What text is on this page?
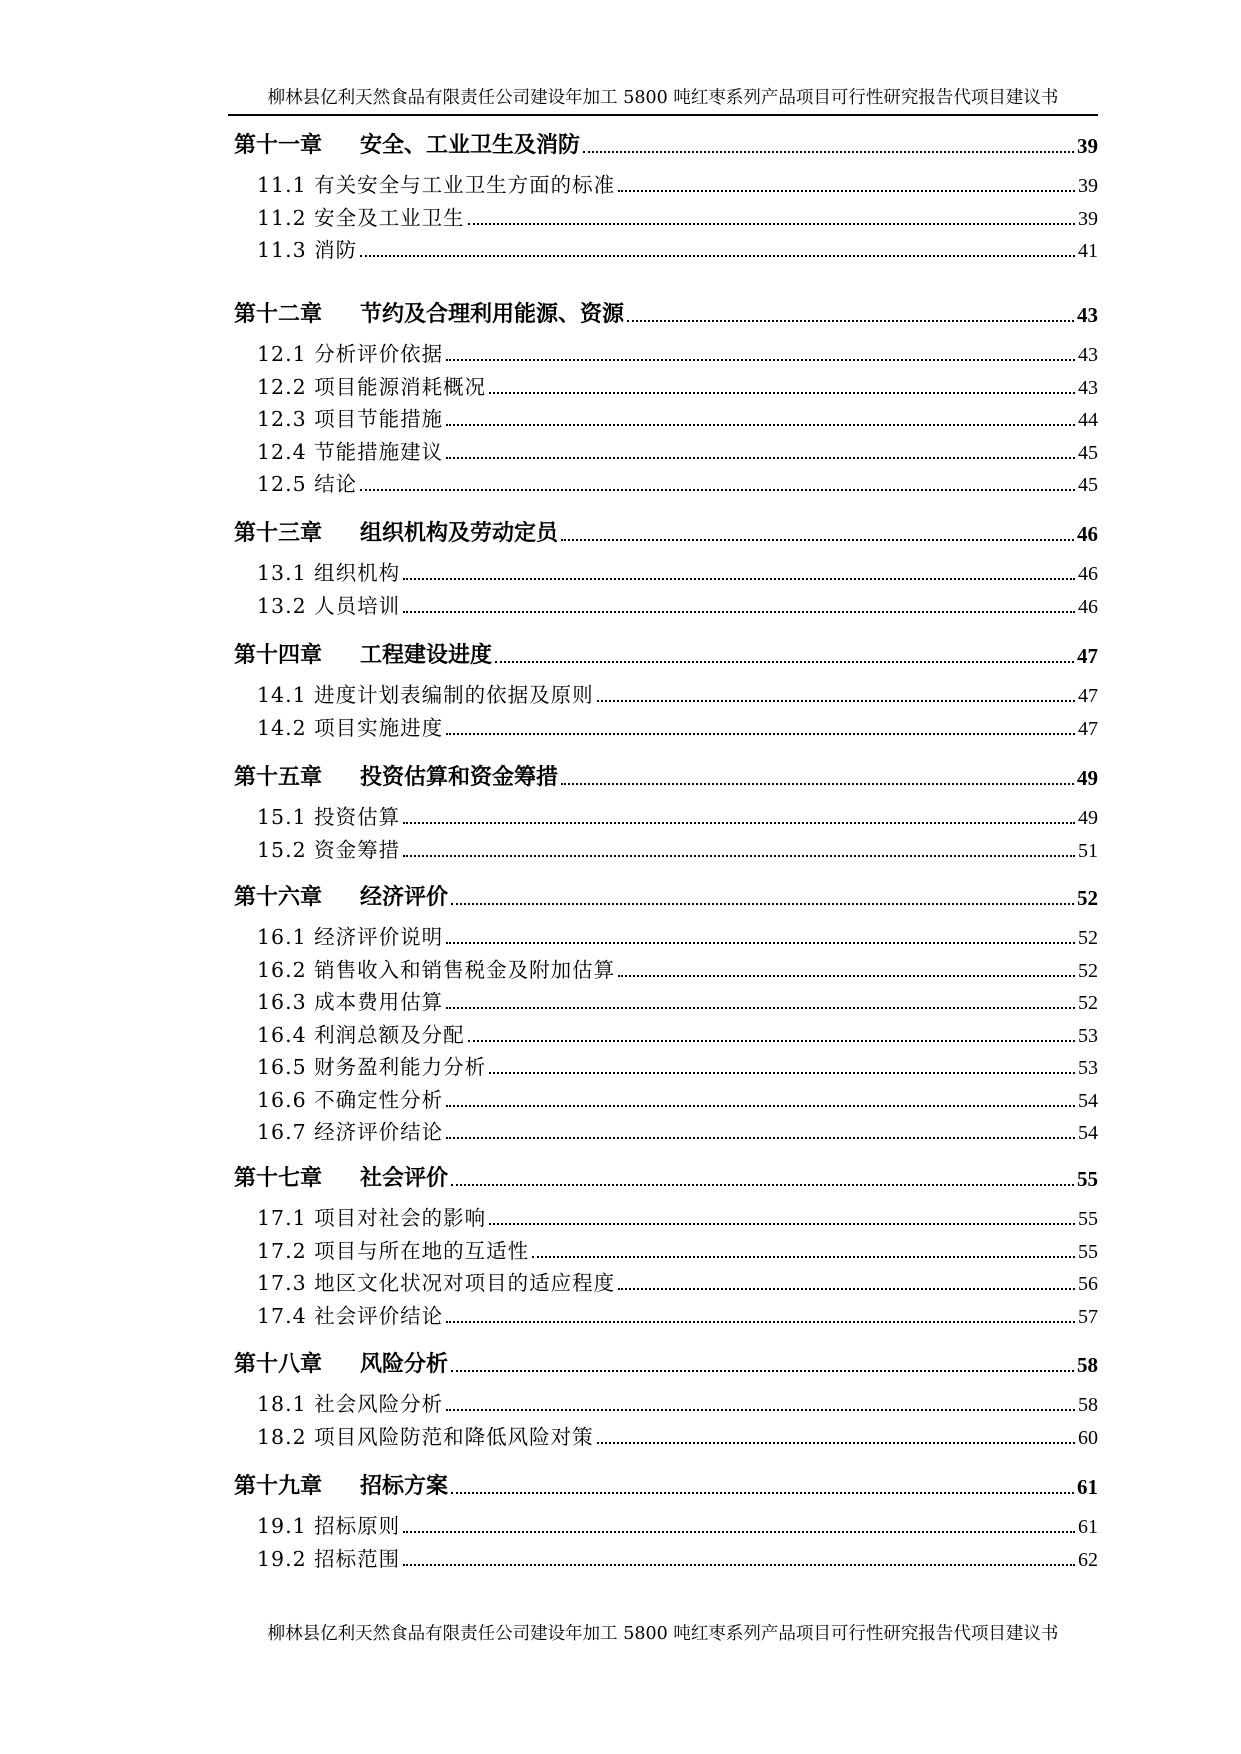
柳林县亿利天然食品有限责任公司建设年加工 5800 吨红枣系列产品项目可行性研究报告代项目建议书
第十一章 安全、工业卫生及消防	39
11.1 有关安全与工业卫生方面的标准	39
11.2 安全及工业卫生	39
11.3 消防	41
第十二章 节约及合理利用能源、资源	43
12.1 分析评价依据	43
12.2 项目能源消耗概况	43
12.3 项目节能措施	44
12.4 节能措施建议	45
12.5 结论	45
第十三章 组织机构及劳动定员	46
13.1 组织机构	46
13.2 人员培训	46
第十四章 工程建设进度	47
14.1 进度计划表编制的依据及原则	47
14.2 项目实施进度	47
第十五章 投资估算和资金筹措	49
15.1 投资估算	49
15.2 资金筹措	51
第十六章 经济评价	52
16.1 经济评价说明	52
16.2 销售收入和销售税金及附加估算	52
16.3 成本费用估算	52
16.4 利润总额及分配	53
16.5 财务盈利能力分析	53
16.6 不确定性分析	54
16.7 经济评价结论	54
第十七章 社会评价	55
17.1 项目对社会的影响	55
17.2 项目与所在地的互适性	55
17.3 地区文化状况对项目的适应程度	56
17.4 社会评价结论	57
第十八章 风险分析	58
18.1 社会风险分析	58
18.2 项目风险防范和降低风险对策	60
第十九章 招标方案	61
19.1 招标原则	61
19.2 招标范围	62
柳林县亿利天然食品有限责任公司建设年加工 5800 吨红枣系列产品项目可行性研究报告代项目建议书
